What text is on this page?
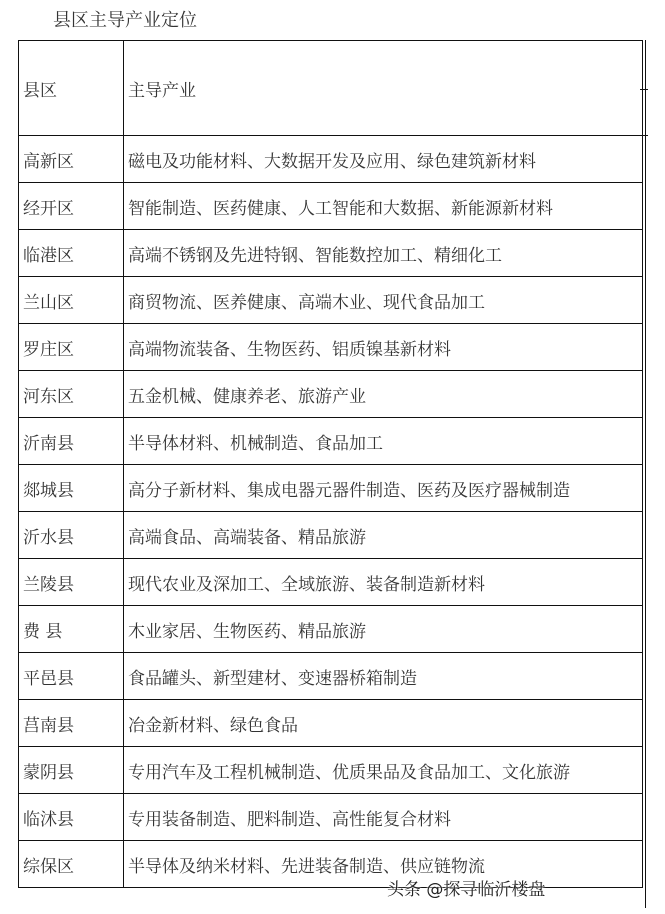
县区主导产业定位
县区	主导产业
高新区	磁电及功能材料、大数据开发及应用、绿色建筑新材料
经开区	智能制造、医药健康、人工智能和大数据、新能源新材料
临港区	高端不锈钢及先进特钢、智能数控加工、精细化工
兰山区	商贸物流、医养健康、高端木业、现代食品加工
罗庄区	高端物流装备、生物医药、铝质镍基新材料
河东区	五金机械、健康养老、旅游产业
沂南县	半导体材料、机械制造、食品加工
郯城县	高分子新材料、集成电器元器件制造、医药及医疗器械制造
沂水县	高端食品、高端装备、精品旅游
兰陵县	现代农业及深加工、全域旅游、装备制造新材料
费 县	木业家居、生物医药、精品旅游
平邑县	食品罐头、新型建材、变速器桥箱制造
莒南县	冶金新材料、绿色食品
蒙阴县	专用汽车及工程机械制造、优质果品及食品加工、文化旅游
临沭县	专用装备制造、肥料制造、高性能复合材料
综保区	半导体及纳米材料、先进装备制造、供应链物流
头条 @探寻临沂楼盘
